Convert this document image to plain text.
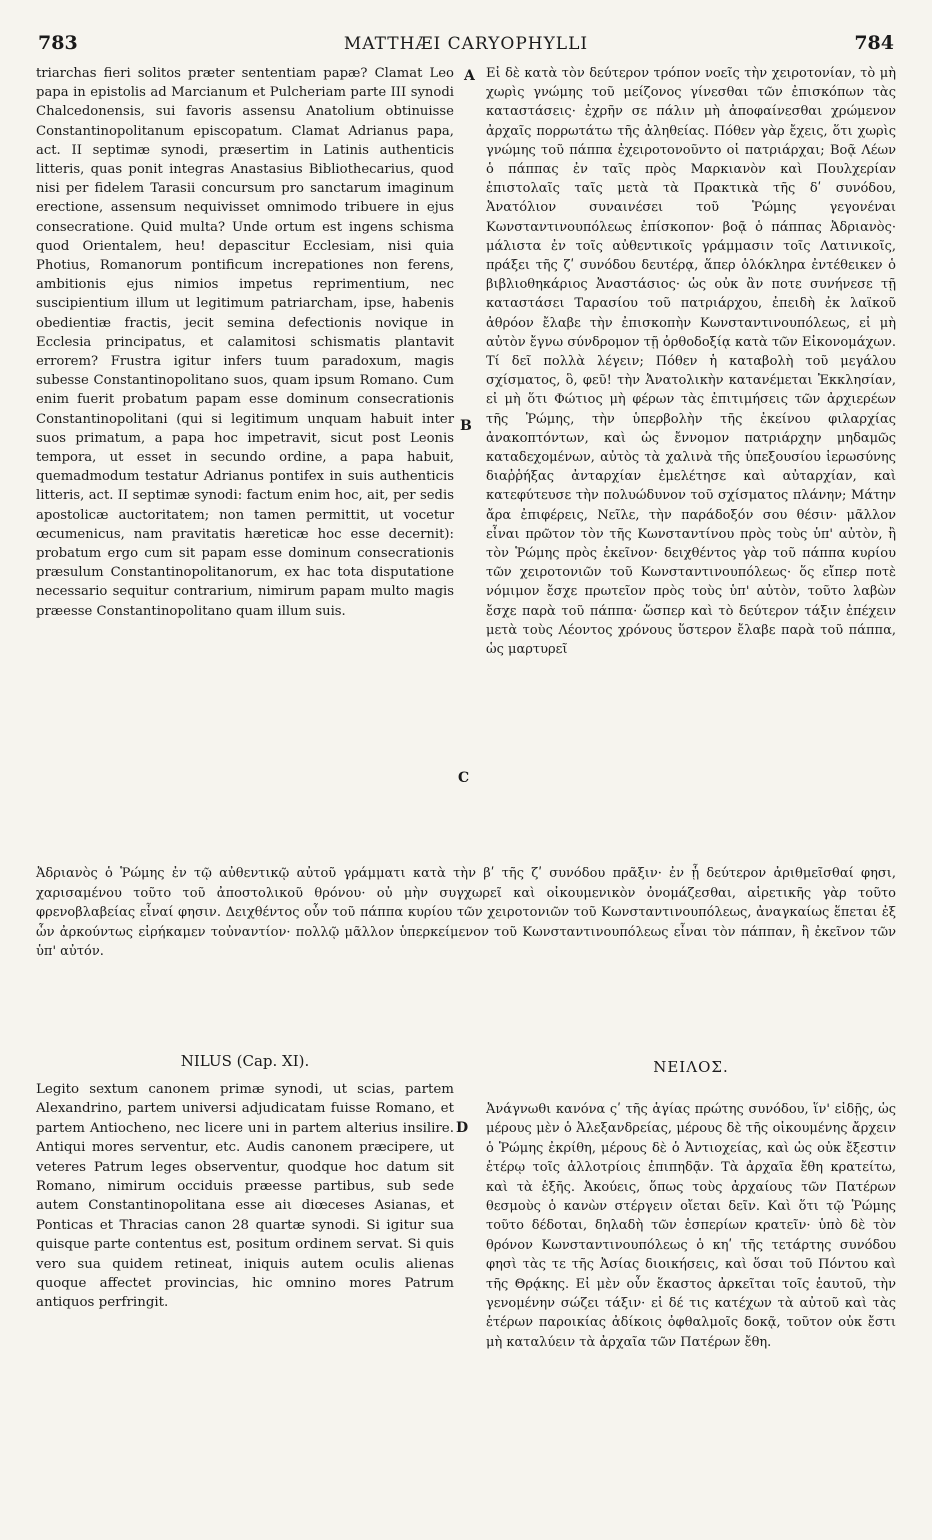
783	MATTHÆI CARYOPHYLLI	784
triarchas fieri solitos præter sententiam papæ? Clamat Leo papa in epistolis ad Marcianum et Pulcheriam parte III synodi Chalcedonensis, sui favoris assensu Anatolium obtinuisse Constantinopolitanum episcopatum. Clamat Adrianus papa, act. II septimæ synodi, præsertim in Latinis authenticis litteris, quas ponit integras Anastasius Bibliothecarius, quod nisi per fidelem Tarasii concursum pro sanctarum imaginum erectione, assensum nequivisset omnimodo tribuere in ejus consecratione. Quid multa? Unde ortum est ingens schisma quod Orientalem, heu! depascitur Ecclesiam, nisi quia Photius, Romanorum pontificum increpationes non ferens, ambitionis ejus nimios impetus reprimentium, nec suscipientium illum ut legitimum patriarcham, ipse, habenis obedientiæ fractis, jecit semina defectionis novique in Ecclesia principatus, et calamitosi schismatis plantavit errorem? Frustra igitur infers tuum paradoxum, magis subesse Constantinopolitano suos, quam ipsum Romano. Cum enim fuerit probatum papam esse dominum consecrationis Constantinopolitani (qui si legitimum unquam habuit inter suos primatum, a papa hoc impetravit, sicut post Leonis tempora, ut esset in secundo ordine, a papa habuit, quemadmodum testatur Adrianus pontifex in suis authenticis litteris, act. II septimæ synodi: factum enim hoc, ait, per sedis apostolicæ auctoritatem; non tamen permittit, ut vocetur œcumenicus, nam pravitatis hæreticæ hoc esse decernit): probatum ergo cum sit papam esse dominum consecrationis præsulum Constantinopolitanorum, ex hac tota disputatione necessario sequitur contrarium, nimirum papam multo magis præesse Constantinopolitano quam illum suis.
Εἰ δὲ κατὰ τὸν δεύτερον τρόπον νοεῖς τὴν χειροτονίαν, τὸ μὴ χωρὶς γνώμης τοῦ μείζονος γίνεσθαι τῶν ἐπισκόπων τὰς καταστάσεις· ἐχρῆν σε πάλιν μὴ ἀποφαίνεσθαι χρώμενον ἀρχαῖς πορρωτάτω τῆς ἀληθείας. Πόθεν γὰρ ἔχεις, ὅτι χωρὶς γνώμης τοῦ πάππα ἐχειροτονοῦντο οἱ πατριάρχαι; Βοᾷ Λέων ὁ πάππας ἐν ταῖς πρὸς Μαρκιανὸν καὶ Πουλχερίαν ἐπιστολαῖς ταῖς μετὰ τὰ Πρακτικὰ τῆς δʹ συνόδου, Ἀνατόλιον συναινέσει τοῦ Ῥώμης γεγονέναι Κωνσταντινουπόλεως ἐπίσκοπον· βοᾷ ὁ πάππας Ἀδριανὸς· μάλιστα ἐν τοῖς αὐθεντικοῖς γράμμασιν τοῖς Λατινικοῖς, πράξει τῆς ζʹ συνόδου δευτέρᾳ, ἅπερ ὁλόκληρα ἐντέθεικεν ὁ βιβλιοθηκάριος Ἀναστάσιος· ὡς οὐκ ἂν ποτε συνήνεσε τῇ καταστάσει Ταρασίου τοῦ πατριάρχου, ἐπειδὴ ἐκ λαϊκοῦ ἀθρόον ἔλαβε τὴν ἐπισκοπὴν Κωνσταντινουπόλεως, εἰ μὴ αὐτὸν ἔγνω σύνδρομον τῇ ὀρθοδοξίᾳ κατὰ τῶν Εἰκονομάχων. Τί δεῖ πολλὰ λέγειν; Πόθεν ἡ καταβολὴ τοῦ μεγάλου σχίσματος, ὃ, φεῦ! τὴν Ἀνατολικὴν κατανέμεται Ἐκκλησίαν, εἰ μὴ ὅτι Φώτιος μὴ φέρων τὰς ἐπιτιμήσεις τῶν ἀρχιερέων τῆς Ῥώμης, τὴν ὑπερβολὴν τῆς ἐκείνου φιλαρχίας ἀνακοπτόντων, καὶ ὡς ἔννομον πατριάρχην μηδαμῶς καταδεχομένων, αὐτὸς τὰ χαλινὰ τῆς ὑπεξουσίου ἱερωσύνης διαῤῥήξας ἀνταρχίαν ἐμελέτησε καὶ αὐταρχίαν, καὶ κατεφύτευσε τὴν πολυώδυνον τοῦ σχίσματος πλάνην; Μάτην ἄρα ἐπιφέρεις, Νεῖλε, τὴν παράδοξόν σου θέσιν· μᾶλλον εἶναι πρῶτον τὸν τῆς Κωνσταντίνου πρὸς τοὺς ὑπ' αὐτὸν, ἢ τὸν Ῥώμης πρὸς ἐκεῖνον· δειχθέντος γὰρ τοῦ πάππα κυρίου τῶν χειροτονιῶν τοῦ Κωνσταντινουπόλεως· ὅς εἴπερ ποτὲ νόμιμον ἔσχε πρωτεῖον πρὸς τοὺς ὑπ' αὐτὸν, τοῦτο λαβὼν ἔσχε παρὰ τοῦ πάππα· ὥσπερ καὶ τὸ δεύτερον τάξιν ἐπέχειν μετὰ τοὺς Λέοντος χρόνους ὕστερον ἔλαβε παρὰ τοῦ πάππα, ὡς μαρτυρεῖ
A
B
C
D
Ἀδριανὸς ὁ Ῥώμης ἐν τῷ αὐθεντικῷ αὐτοῦ γράμματι κατὰ τὴν βʹ τῆς ζʹ συνόδου πρᾶξιν· ἐν ᾗ δεύτερον ἀριθμεῖσθαί φησι, χαρισαμένου τοῦτο τοῦ ἀποστολικοῦ θρόνου· οὐ μὴν συγχωρεῖ καὶ οἰκουμενικὸν ὀνομάζεσθαι, αἱρετικῆς γὰρ τοῦτο φρενοβλαβείας εἶναί φησιν. Δειχθέντος οὖν τοῦ πάππα κυρίου τῶν χειροτονιῶν τοῦ Κωνσταντινουπόλεως, ἀναγκαίως ἕπεται ἐξ ὧν ἀρκούντως εἰρήκαμεν τοὐναντίον· πολλῷ μᾶλλον ὑπερκείμενον τοῦ Κωνσταντινουπόλεως εἶναι τὸν πάππαν, ἢ ἐκεῖνον τῶν ὑπ' αὐτόν.
NILUS (Cap. XI).	ΝΕΙΛΟΣ.
Legito sextum canonem primæ synodi, ut scias, partem Alexandrino, partem universi adjudicatam fuisse Romano, et partem Antiocheno, nec licere uni in partem alterius insilire. Antiqui mores serventur, etc. Audis canonem præcipere, ut veteres Patrum leges observentur, quodque hoc datum sit Romano, nimirum occiduis præesse partibus, sub sede autem Constantinopolitana esse aiι diœceses Asianas, et Ponticas et Thracias canon 28 quartæ synodi. Si igitur sua quisque parte contentus est, positum ordinem servat. Si quis vero sua quidem retineat, iniquis autem oculis alienas quoque affectet provincias, hic omnino mores Patrum antiquos perfringit.
Ἀνάγνωθι κανόνα ςʹ τῆς ἁγίας πρώτης συνόδου, ἵν' εἰδῇς, ὡς μέρους μὲν ὁ Ἀλεξανδρείας, μέρους δὲ τῆς οἰκουμένης ἄρχειν ὁ Ῥώμης ἐκρίθη, μέρους δὲ ὁ Ἀντιοχείας, καὶ ὡς οὐκ ἔξεστιν ἑτέρῳ τοῖς ἀλλοτρίοις ἐπιπηδᾷν. Τὰ ἀρχαῖα ἔθη κρατείτω, καὶ τὰ ἑξῆς. Ἀκούεις, ὅπως τοὺς ἀρχαίους τῶν Πατέρων θεσμοὺς ὁ κανὼν στέργειν οἴεται δεῖν. Καὶ ὅτι τῷ Ῥώμης τοῦτο δέδοται, δηλαδὴ τῶν ἑσπερίων κρατεῖν· ὑπὸ δὲ τὸν θρόνον Κωνσταντινουπόλεως ὁ κηʹ τῆς τετάρτης συνόδου φησὶ τὰς τε τῆς Ἀσίας διοικήσεις, καὶ ὅσαι τοῦ Πόντου καὶ τῆς Θρᾴκης. Εἰ μὲν οὖν ἕκαστος ἀρκεῖται τοῖς ἑαυτοῦ, τὴν γενομένην σώζει τάξιν· εἰ δέ τις κατέχων τὰ αὐτοῦ καὶ τὰς ἑτέρων παροικίας ἀδίκοις ὀφθαλμοῖς δοκᾷ, τοῦτον οὐκ ἔστι μὴ καταλύειν τὰ ἀρχαῖα τῶν Πατέρων ἔθη.
